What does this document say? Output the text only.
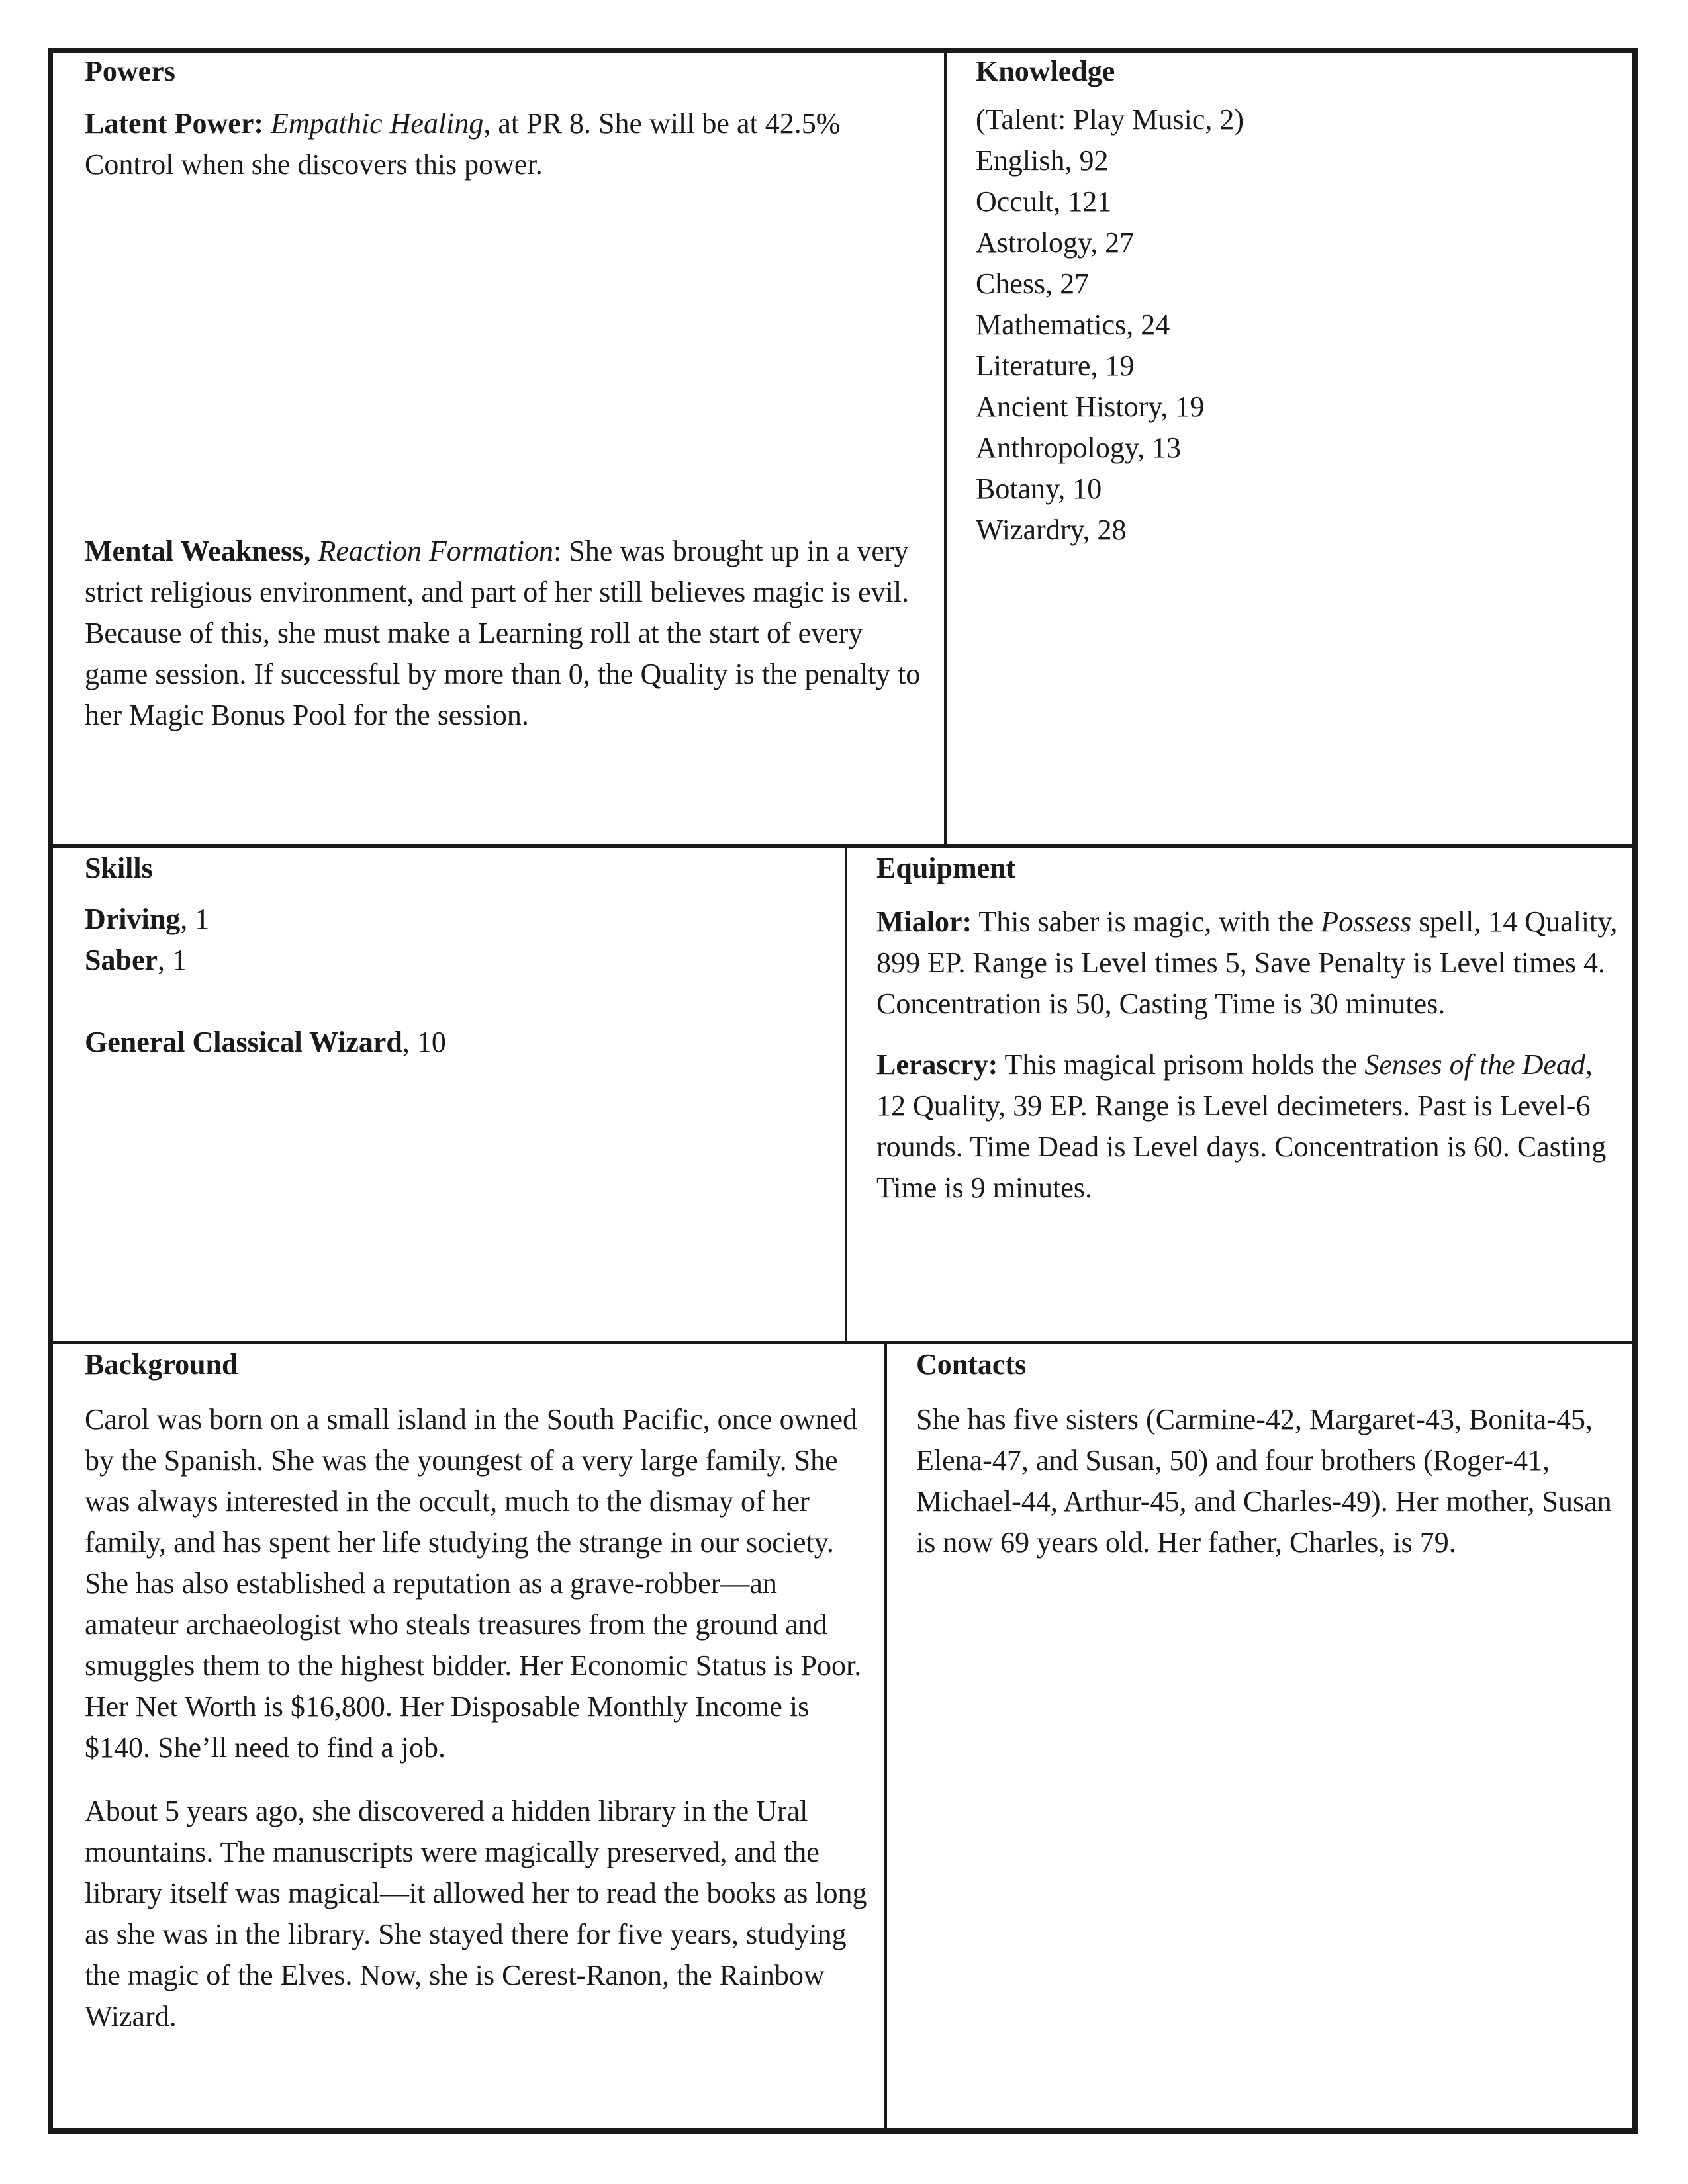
Powers

Latent Power: Empathic Healing, at PR 8. She will be at 42.5% Control when she discovers this power.

Mental Weakness, Reaction Formation: She was brought up in a very strict religious environment, and part of her still believes magic is evil. Because of this, she must make a Learning roll at the start of every game session. If successful by more than 0, the Quality is the penalty to her Magic Bonus Pool for the session.

Knowledge
(Talent: Play Music, 2)
English, 92
Occult, 121
Astrology, 27
Chess, 27
Mathematics, 24
Literature, 19
Ancient History, 19
Anthropology, 13
Botany, 10
Wizardry, 28
Skills
Driving, 1
Saber, 1
General Classical Wizard, 10
Equipment

Mialor: This saber is magic, with the Possess spell, 14 Quality, 899 EP. Range is Level times 5, Save Penalty is Level times 4. Concentration is 50, Casting Time is 30 minutes.

Lerascry: This magical prisom holds the Senses of the Dead, 12 Quality, 39 EP. Range is Level decimeters. Past is Level-6 rounds. Time Dead is Level days. Concentration is 60. Casting Time is 9 minutes.

Background

Carol was born on a small island in the South Pacific, once owned by the Spanish. She was the youngest of a very large family. She was always interested in the occult, much to the dismay of her family, and has spent her life studying the strange in our society. She has also established a reputation as a grave-robber—an amateur archaeologist who steals treasures from the ground and smuggles them to the highest bidder. Her Economic Status is Poor. Her Net Worth is $16,800. Her Disposable Monthly Income is $140. She’ll need to find a job.

About 5 years ago, she discovered a hidden library in the Ural mountains. The manuscripts were magically preserved, and the library itself was magical—it allowed her to read the books as long as she was in the library. She stayed there for five years, studying the magic of the Elves. Now, she is Cerest-Ranon, the Rainbow Wizard.

Contacts

She has five sisters (Carmine-42, Margaret-43, Bonita-45, Elena-47, and Susan, 50) and four brothers (Roger-41, Michael-44, Arthur-45, and Charles-49). Her mother, Susan is now 69 years old. Her father, Charles, is 79.
